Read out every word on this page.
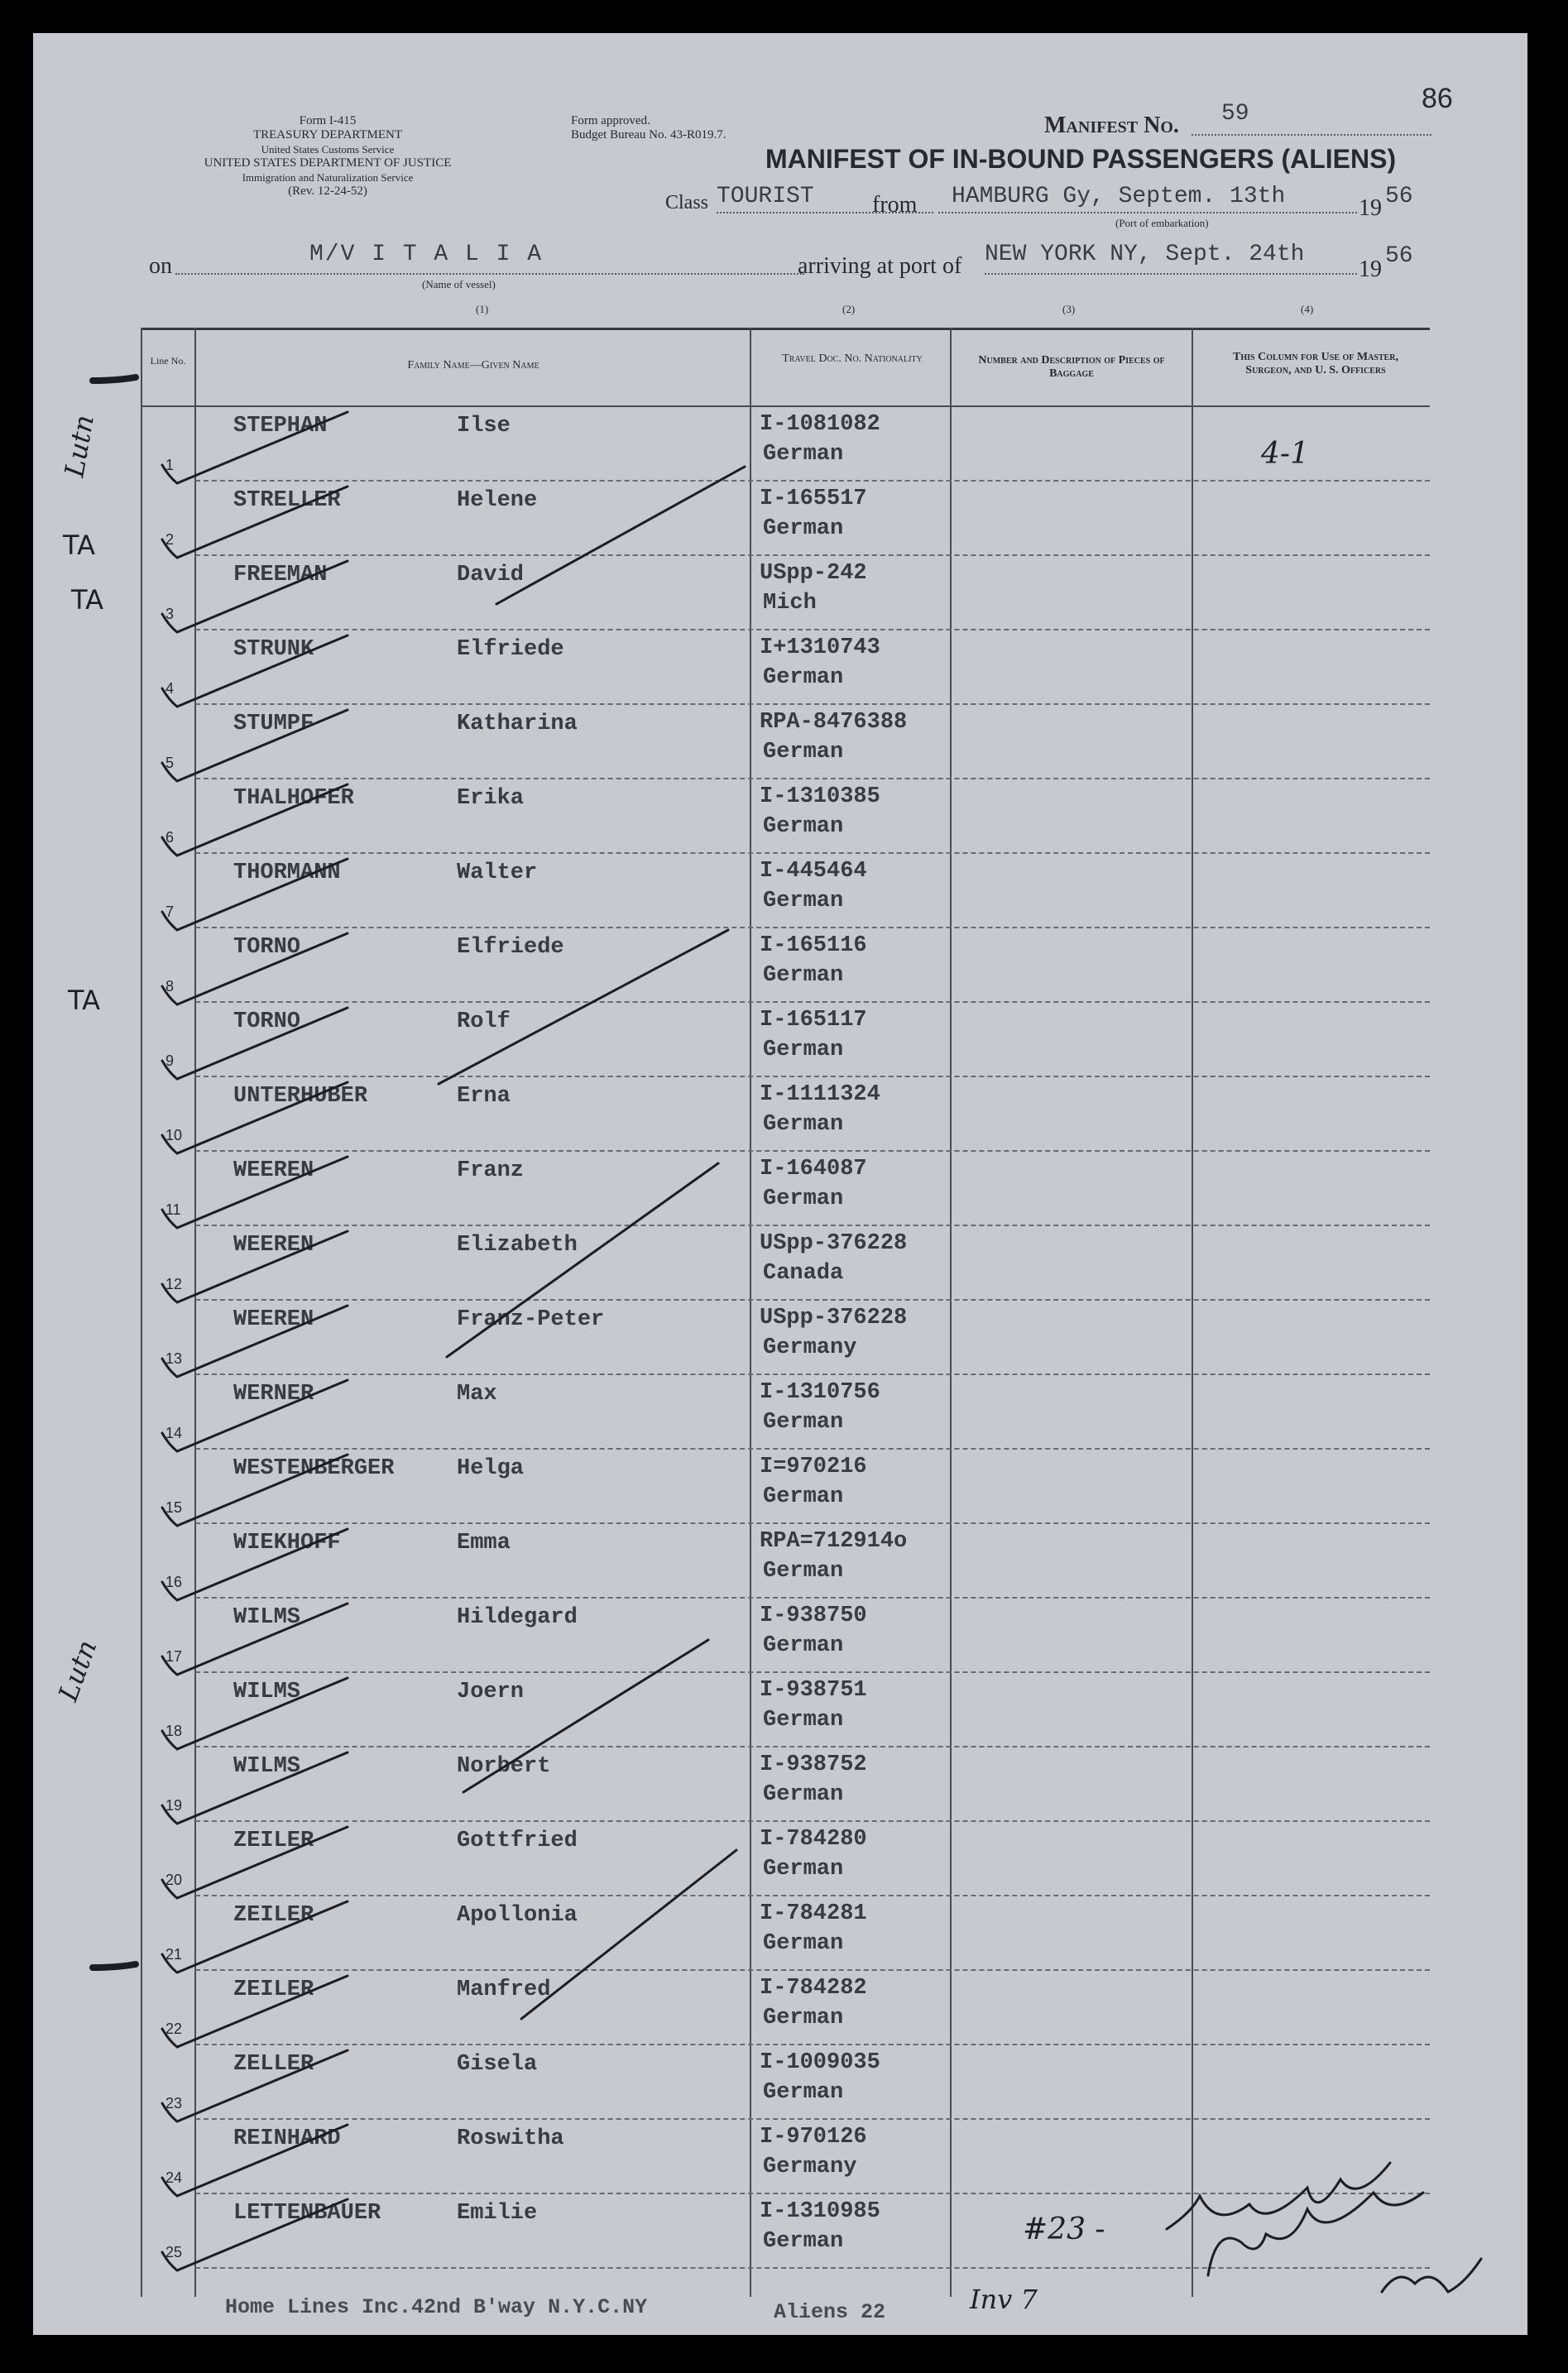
86
Form I-415
TREASURY DEPARTMENT
United States Customs Service
UNITED STATES DEPARTMENT OF JUSTICE
Immigration and Naturalization Service
(Rev. 12-24-52)
Form approved.
Budget Bureau No. 43-R019.7.	Manifest No. 59
MANIFEST OF IN-BOUND PASSENGERS (ALIENS)
Class TOURIST	from HAMBURG Gy, Septem. 13th	19 56
(Port of embarkation)
on	M/V I T A L I A
(Name of vessel)
arriving at port of NEW YORK NY, Sept. 24th
19
56
(1)	(2)	(3)	(4)
Line No.	Family Name—Given Name
Travel Doc. No. Nationality	Number and Description of Pieces of Baggage
This Column for Use of Master, Surgeon, and U. S. Officers
1
STEPHAN	Ilse	I-1081082
German
2
STRELLER	Helene	I-165517
German
3
FREEMAN	David	USpp-242
Mich
4
STRUNK	Elfriede	I+1310743
German
5
STUMPF	Katharina	RPA-8476388
German
6
THALHOFER	Erika	I-1310385
German
7
THORMANN	Walter	I-445464
German
8
TORNO	Elfriede	I-165116
German
9
TORNO	Rolf	I-165117
German
10
UNTERHUBER	Erna	I-1111324
German
11
WEEREN	Franz	I-164087
German
12
WEEREN	Elizabeth	USpp-376228
Canada
13
WEEREN	Franz-Peter	USpp-376228
Germany
14
WERNER	Max	I-1310756
German
15
WESTENBERGER	Helga	I=970216
German
16
WIEKHOFF	Emma	RPA=712914o
German
17
WILMS	Hildegard	I-938750
German
18
WILMS	Joern	I-938751
German
19
WILMS	Norbert	I-938752
German
20
ZEILER	Gottfried	I-784280
German
21
ZEILER	Apollonia	I-784281
German
22
ZEILER	Manfred	I-784282
German
23
ZELLER	Gisela	I-1009035
German
24
REINHARD	Roswitha	I-970126
Germany
25
LETTENBAUER	Emilie	I-1310985
German
Home Lines Inc.42nd B'way N.Y.C.NY	Aliens 22
Lutn
TA
TA
TA
Lutn
4-1
#23 -
Inv 7
